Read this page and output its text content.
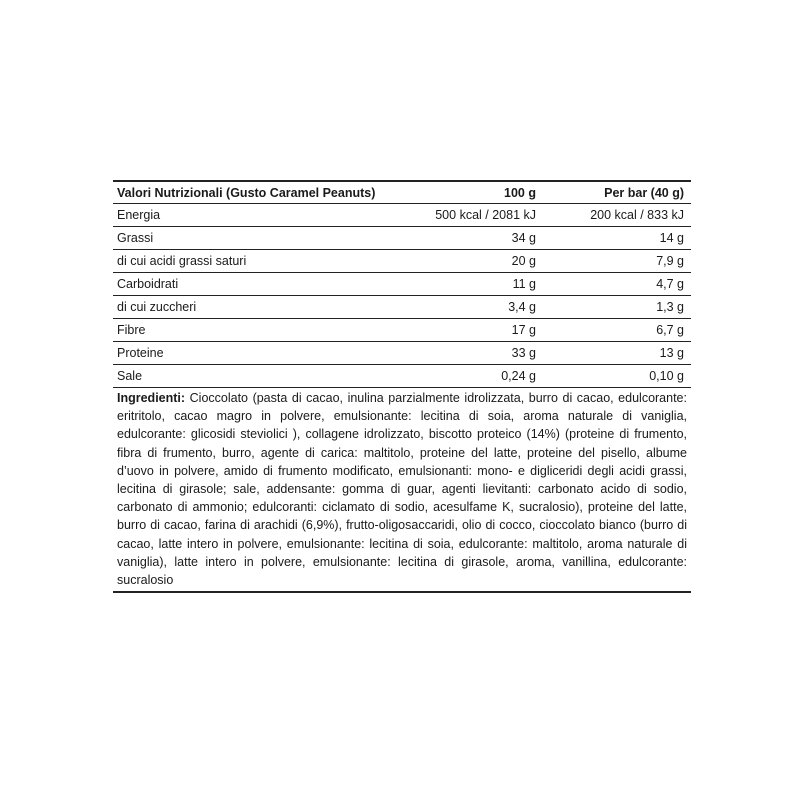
Valori Nutrizionali (Gusto Caramel Peanuts)	100 g	Per bar (40 g)
Energia	500 kcal / 2081 kJ	200 kcal / 833 kJ
Grassi	34 g	14 g
di cui acidi grassi saturi	20 g	7,9 g
Carboidrati	11 g	4,7 g
di cui zuccheri	3,4 g	1,3 g
Fibre	17 g	6,7 g
Proteine	33 g	13 g
Sale	0,24 g	0,10 g
Ingredienti: Cioccolato (pasta di cacao, inulina parzialmente idrolizzata, burro di cacao, edulcorante: eritritolo, cacao magro in polvere, emulsionante: lecitina di soia, aroma naturale di vaniglia, edulcorante: glicosidi steviolici ), collagene idrolizzato, biscotto proteico (14%) (proteine di frumento, fibra di frumento, burro, agente di carica: maltitolo, proteine del latte, proteine del pisello, albume d’uovo in polvere, amido di frumento modificato, emulsionanti: mono- e digliceridi degli acidi grassi, lecitina di girasole; sale, addensante: gomma di guar, agenti lievitanti: carbonato acido di sodio, carbonato di ammonio; edulcoranti: ciclamato di sodio, acesulfame K, sucralosio), proteine del latte, burro di cacao, farina di arachidi (6,9%), frutto-oligosaccaridi, olio di cocco, cioccolato bianco (burro di cacao, latte intero in polvere, emulsionante: lecitina di soia, edulcorante: maltitolo, aroma naturale di vaniglia), latte intero in polvere, emulsionante: lecitina di girasole, aroma, vanillina, edulcorante: sucralosio
